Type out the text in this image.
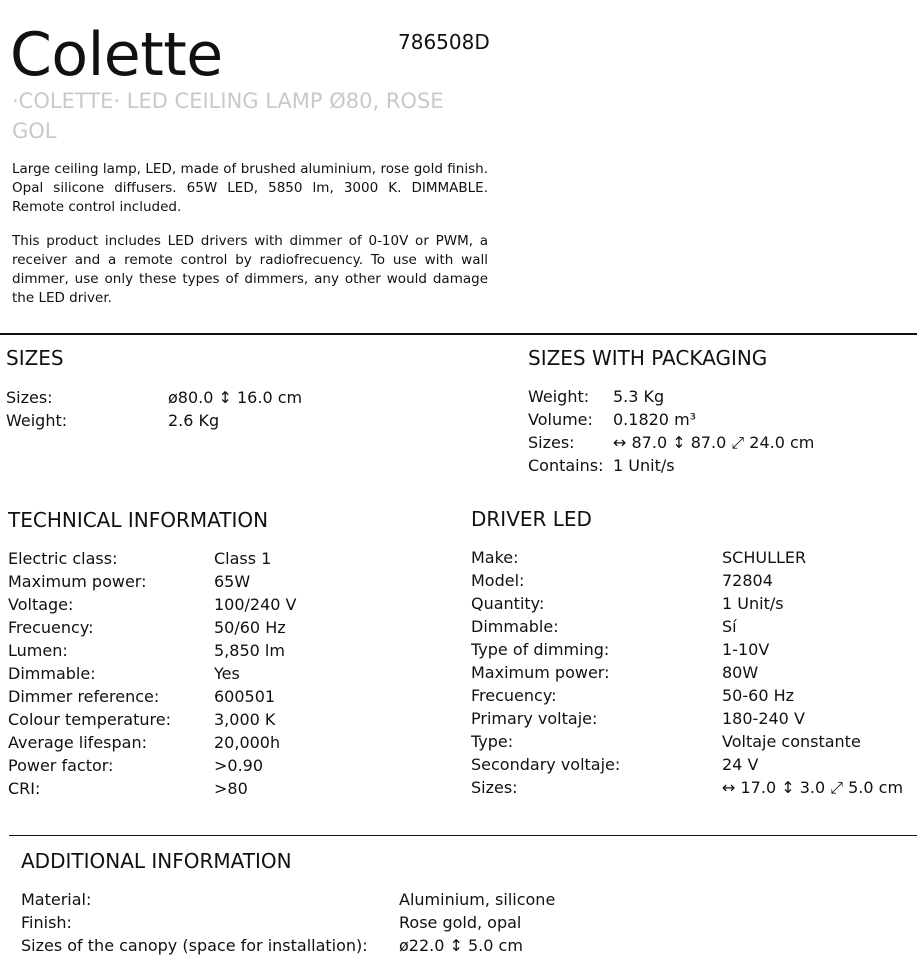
Colette	786508D
·COLETTE· LED CEILING LAMP Ø80, ROSE GOL
Large ceiling lamp, LED, made of brushed aluminium, rose gold finish. Opal silicone diffusers. 65W LED, 5850 lm, 3000 K. DIMMABLE. Remote control included.
This product includes LED drivers with dimmer of 0-10V or PWM, a receiver and a remote control by radiofrecuency. To use with wall dimmer, use only these types of dimmers, any other would damage the LED driver.
SIZES
Sizes:	ø80.0 ↕ 16.0 cm
Weight:	2.6 Kg
SIZES WITH PACKAGING
Weight: 5.3 Kg
Volume: 0.1820 m³
Sizes: ↔ 87.0 ↕ 87.0 ⤢ 24.0 cm
Contains: 1 Unit/s
TECHNICAL INFORMATION
Electric class:	Class 1
Maximum power:	65W
Voltage:	100/240 V
Frecuency:	50/60 Hz
Lumen:	5,850 lm
Dimmable:	Yes
Dimmer reference:	600501
Colour temperature:	3,000 K
Average lifespan:	20,000h
Power factor:	>0.90
CRI:	>80
DRIVER LED
Make:	SCHULLER
Model:	72804
Quantity:	1 Unit/s
Dimmable:	Sí
Type of dimming:	1-10V
Maximum power:	80W
Frecuency:	50-60 Hz
Primary voltaje:	180-240 V
Type:	Voltaje constante
Secondary voltaje:	24 V
Sizes:	↔ 17.0 ↕ 3.0 ⤢ 5.0 cm
ADDITIONAL INFORMATION
Material:	Aluminium, silicone
Finish:	Rose gold, opal
Sizes of the canopy (space for installation): ø22.0 ↕ 5.0 cm
